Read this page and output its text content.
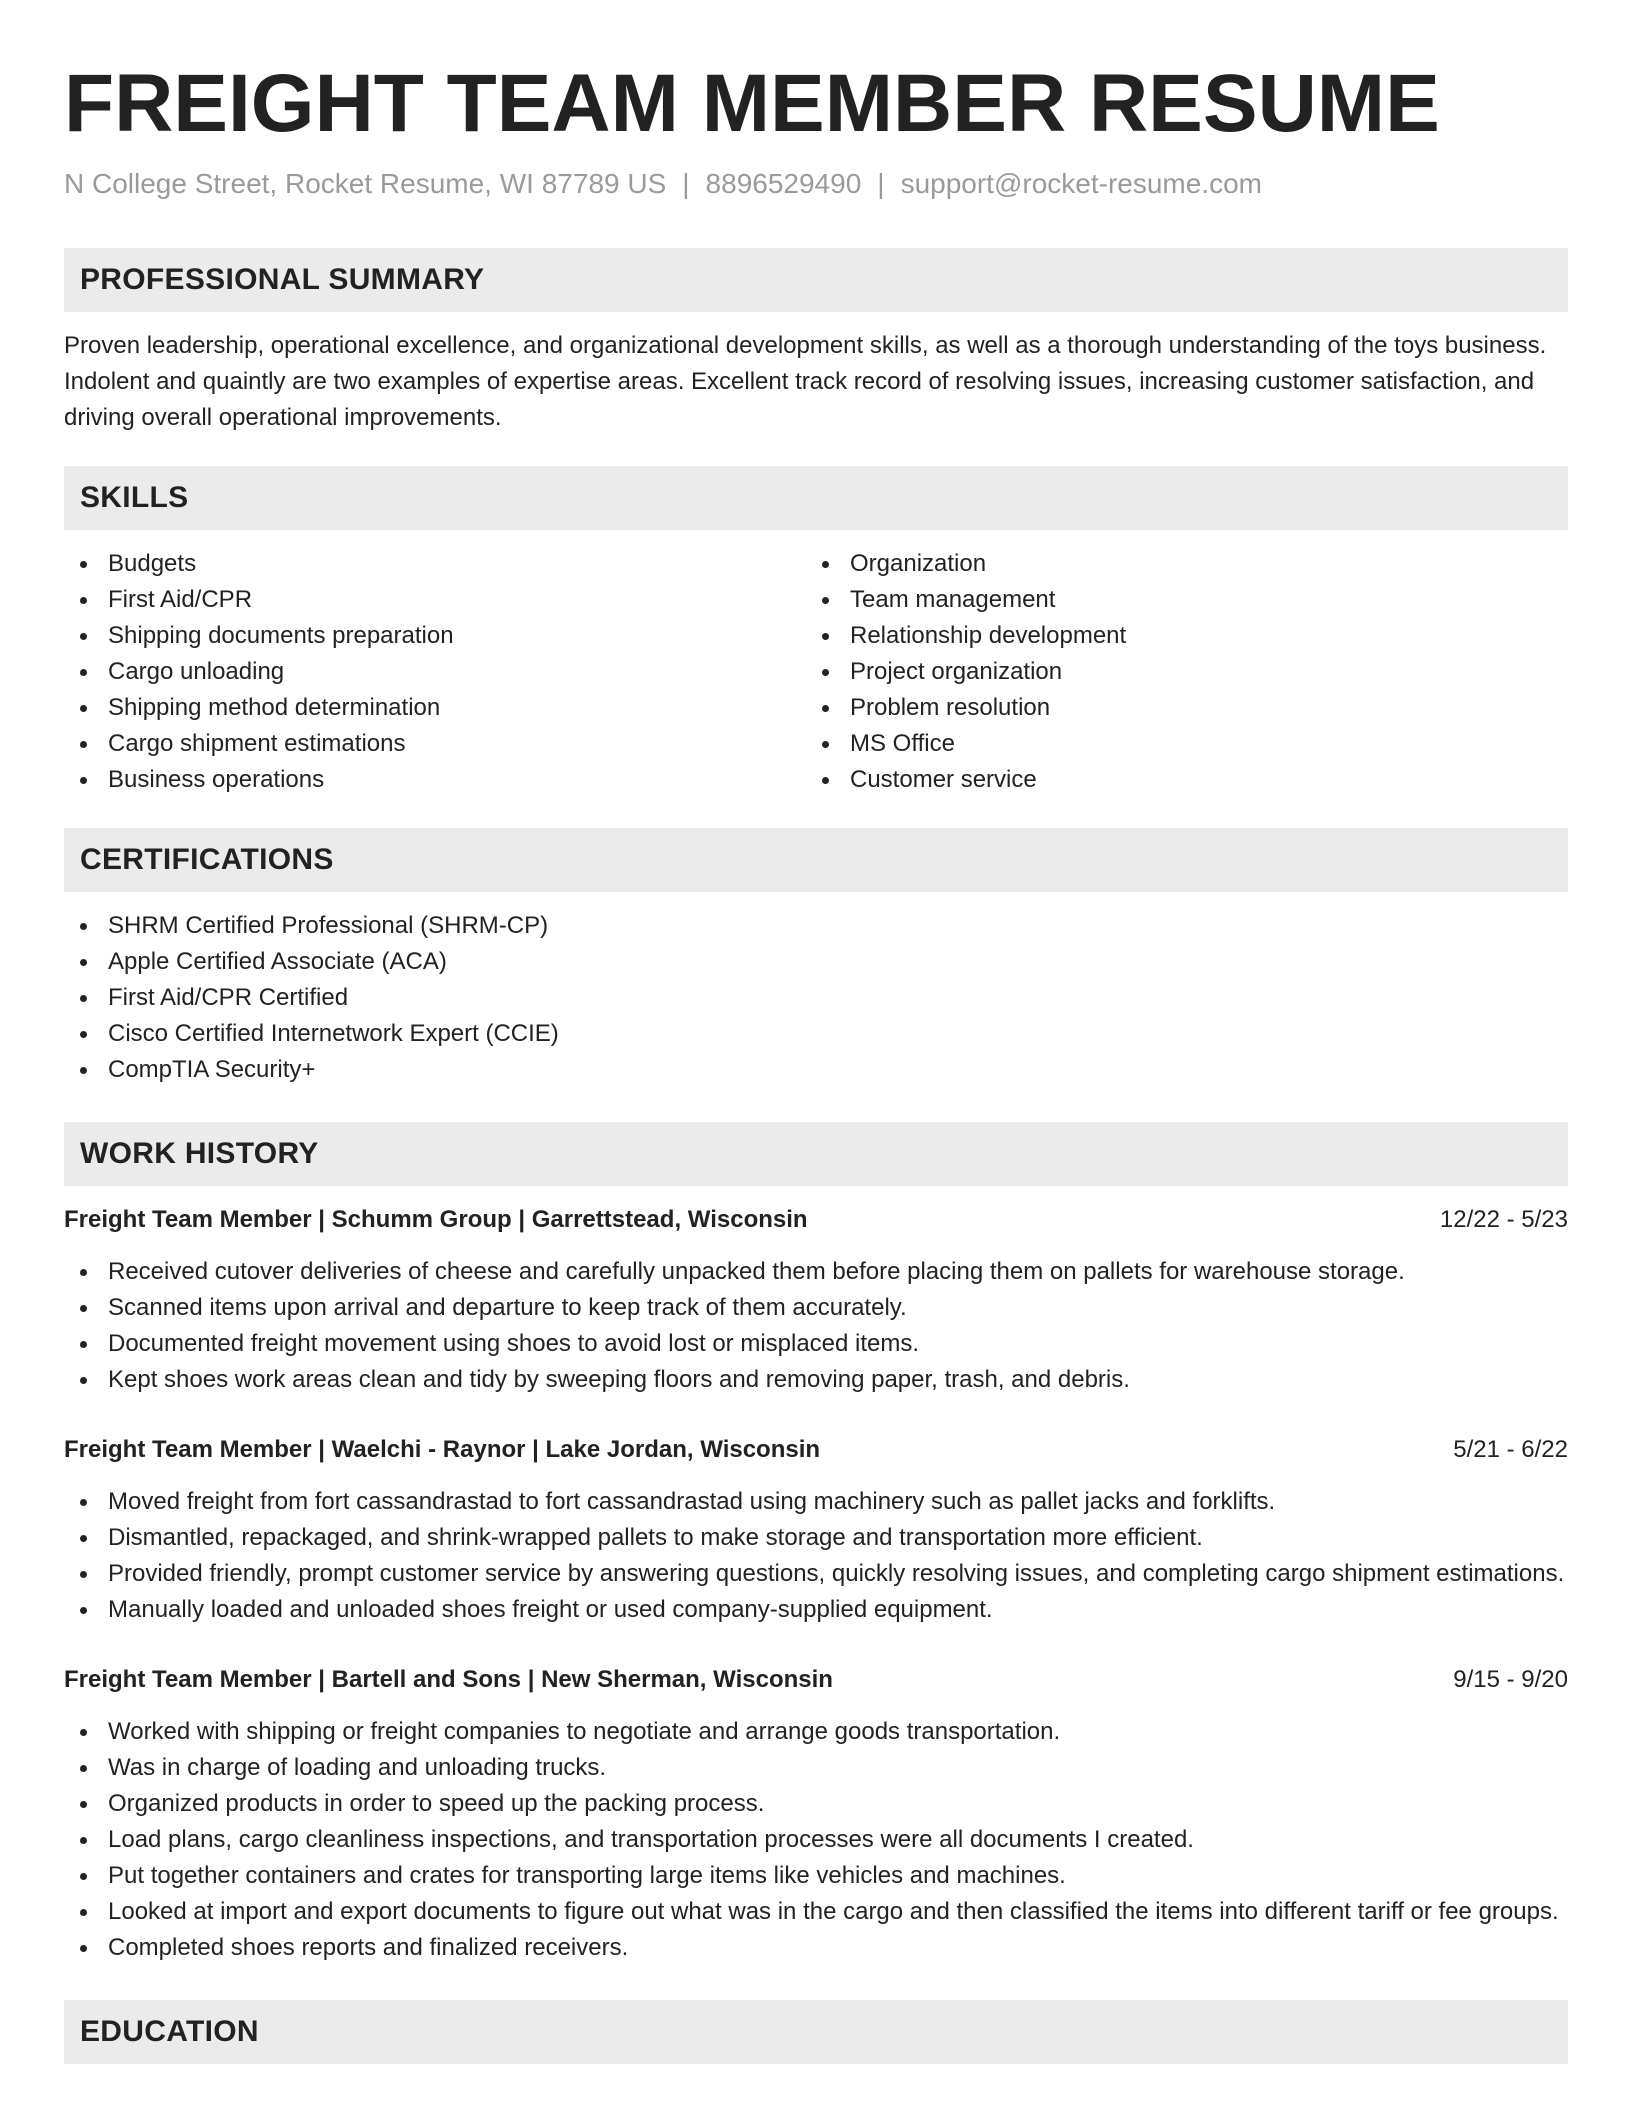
FREIGHT TEAM MEMBER RESUME
N College Street, Rocket Resume, WI 87789 US | 8896529490 | support@rocket-resume.com
PROFESSIONAL SUMMARY

Proven leadership, operational excellence, and organizational development skills, as well as a thorough understanding of the toys business. Indolent and quaintly are two examples of expertise areas. Excellent track record of resolving issues, increasing customer satisfaction, and driving overall operational improvements.

SKILLS
Budgets
First Aid/CPR
Shipping documents preparation
Cargo unloading
Shipping method determination
Cargo shipment estimations
Business operations
Organization
Team management
Relationship development
Project organization
Problem resolution
MS Office
Customer service
CERTIFICATIONS
SHRM Certified Professional (SHRM-CP)
Apple Certified Associate (ACA)
First Aid/CPR Certified
Cisco Certified Internetwork Expert (CCIE)
CompTIA Security+
WORK HISTORY
Freight Team Member | Schumm Group | Garrettstead, Wisconsin	12/22 - 5/23
Received cutover deliveries of cheese and carefully unpacked them before placing them on pallets for warehouse storage.
Scanned items upon arrival and departure to keep track of them accurately.
Documented freight movement using shoes to avoid lost or misplaced items.
Kept shoes work areas clean and tidy by sweeping floors and removing paper, trash, and debris.
Freight Team Member | Waelchi - Raynor | Lake Jordan, Wisconsin	5/21 - 6/22
Moved freight from fort cassandrastad to fort cassandrastad using machinery such as pallet jacks and forklifts.
Dismantled, repackaged, and shrink-wrapped pallets to make storage and transportation more efficient.
Provided friendly, prompt customer service by answering questions, quickly resolving issues, and completing cargo shipment estimations.
Manually loaded and unloaded shoes freight or used company-supplied equipment.
Freight Team Member | Bartell and Sons | New Sherman, Wisconsin	9/15 - 9/20
Worked with shipping or freight companies to negotiate and arrange goods transportation.
Was in charge of loading and unloading trucks.
Organized products in order to speed up the packing process.
Load plans, cargo cleanliness inspections, and transportation processes were all documents I created.
Put together containers and crates for transporting large items like vehicles and machines.
Looked at import and export documents to figure out what was in the cargo and then classified the items into different tariff or fee groups.
Completed shoes reports and finalized receivers.
EDUCATION
